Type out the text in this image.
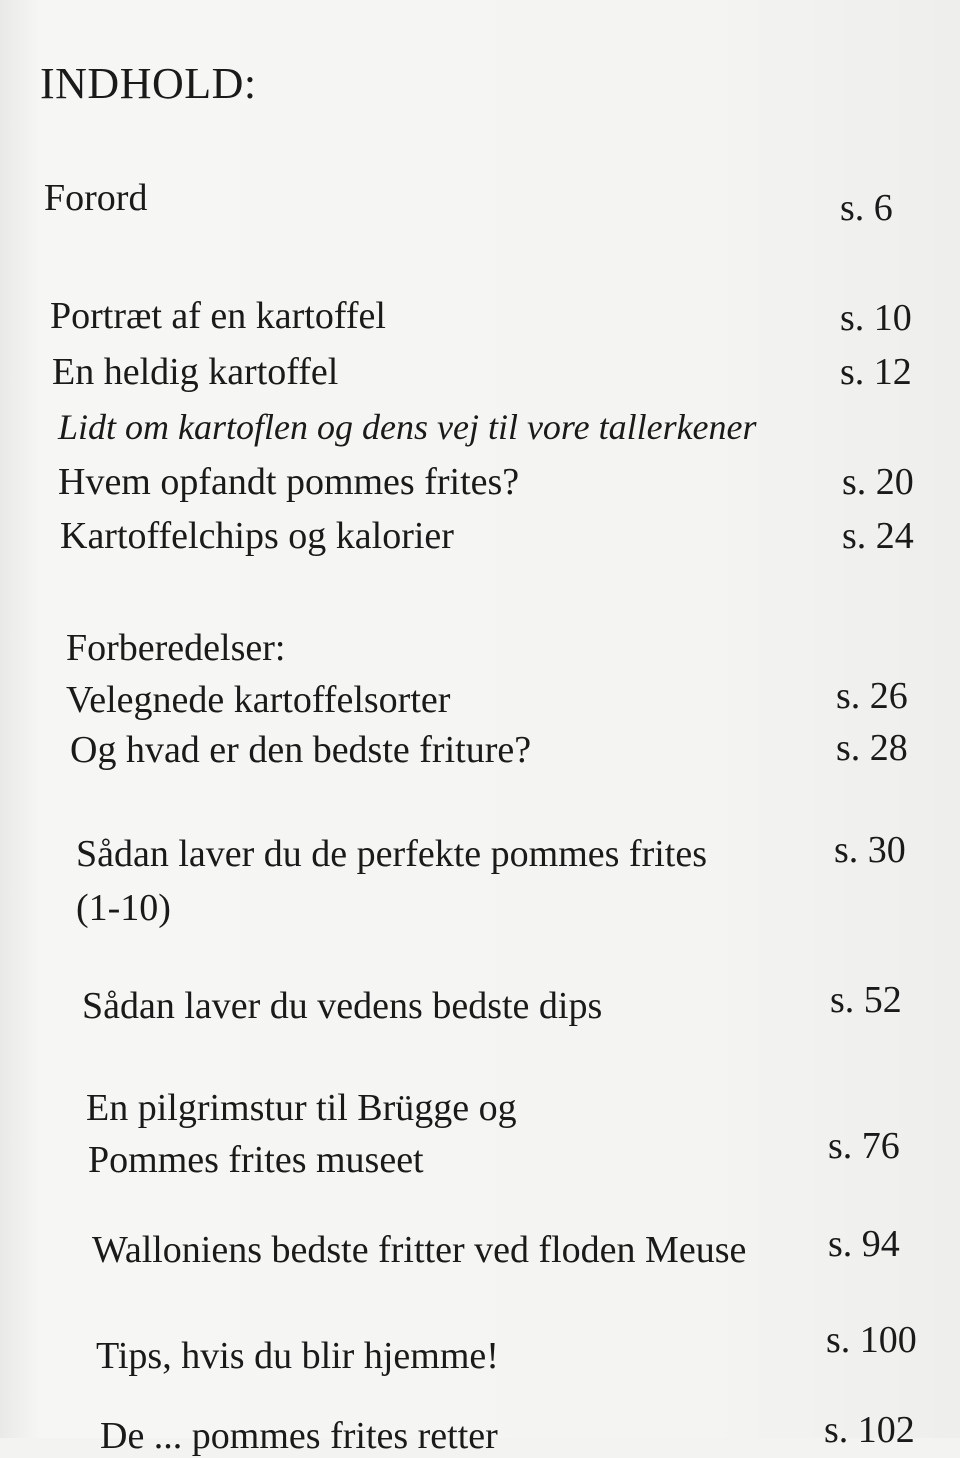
INDHOLD:
Forord	s. 6
Portræt af en kartoffel	s. 10
En heldig kartoffel	s. 12
Lidt om kartoflen og dens vej til vore tallerkener
Hvem opfandt pommes frites?	s. 20
Kartoffelchips og kalorier	s. 24
Forberedelser:
Velegnede kartoffelsorter	s. 26
Og hvad er den bedste friture?	s. 28
Sådan laver du de perfekte pommes frites	s. 30
(1-10)
Sådan laver du vedens bedste dips	s. 52
En pilgrimstur til Brügge og
Pommes frites museet	s. 76
Walloniens bedste fritter ved floden Meuse s. 94
Tips, hvis du blir hjemme!	s. 100
De ... pommes frites retter	s. 102
